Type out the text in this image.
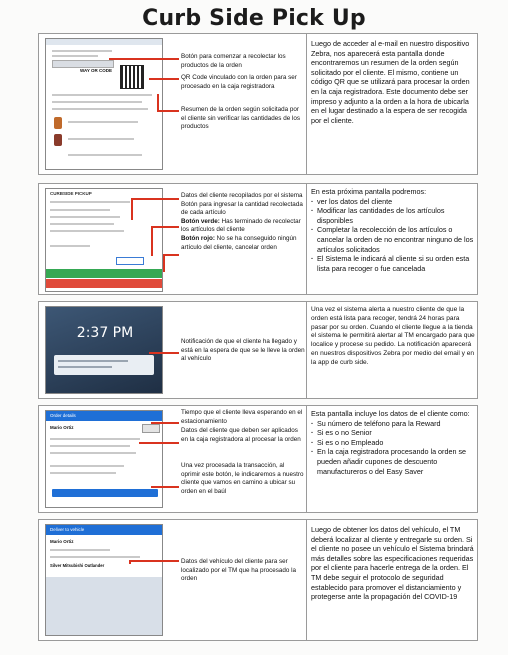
Curb Side Pick Up
WAY OR CODE
Botón para comenzar a recolectar los productos de la orden
QR Code vinculado con la orden para ser procesado en la caja registradora
Resumen de la orden según solicitada por el cliente sin verificar las cantidades de los productos
Luego de acceder al e-mail en nuestro dispositivo Zebra, nos aparecerá esta pantalla donde encontraremos un resumen de la orden según solicitado por el cliente. El mismo, contiene un código QR que se utilizará para procesar la orden en la caja registradora. Este documento debe ser impreso y adjunto a la orden a la hora de ubicarla en el lugar destinado a la espera de ser recogida por el cliente.
CURBSIDE PICKUP	Datos del cliente recopilados por el sistema
Botón para ingresar la cantidad recolectada de cada artículo
Botón verde: Has terminado de recolectar los artículos del cliente
Botón rojo: No se ha conseguido ningún artículo del cliente, cancelar orden
En esta próxima pantalla podremos:
· ver los datos del cliente
· Modificar las cantidades de los artículos disponibles
· Completar la recolección de los artículos o cancelar la orden de no encontrar ninguno de los artículos solicitados
· El Sistema le indicará al cliente si su orden esta lista para recoger o fue cancelada
2:37 PM
Notificación de que el cliente ha llegado y está en la espera de que se le lleve la orden al vehículo
Una vez el sistema alerta a nuestro cliente de que la orden está lista para recoger, tendrá 24 horas para pasar por su orden. Cuando el cliente llegue a la tienda el sistema le permitirá alertar al TM encargado para que localice y procese su pedido. La notificación aparecerá en nuestros dispositivos Zebra por medio del email y en la app de curb side.
Order details
Mario Ortiz
Tiempo que el cliente lleva esperando en el estacionamiento
Datos del cliente que deben ser aplicados en la caja registradora al procesar la orden
Una vez procesada la transacción, al oprimir este botón, le indicaremos a nuestro cliente que vamos en camino a ubicar su orden en el baúl
Esta pantalla incluye los datos de el cliente como:
· Su número de teléfono para la Reward
· Si es o no Senior
· Si es o no Empleado
· En la caja registradora procesando la orden se pueden añadir cupones de descuento manufactureros o del Easy Saver
Deliver to vehicle
Mario Ortiz
Silver Mitsubishi Outlander
Datos del vehículo del cliente para ser localizado por el TM que ha procesado la orden
Luego de obtener los datos del vehículo, el TM deberá localizar al cliente y entregarle su orden. Si el cliente no posee un vehículo el Sistema brindará más detalles sobre las especificaciones requeridas por el cliente para hacerle entrega de la orden. El TM debe seguir el protocolo de seguridad establecido para promover el distanciamiento y protegerse ante la propagación del COVID-19
